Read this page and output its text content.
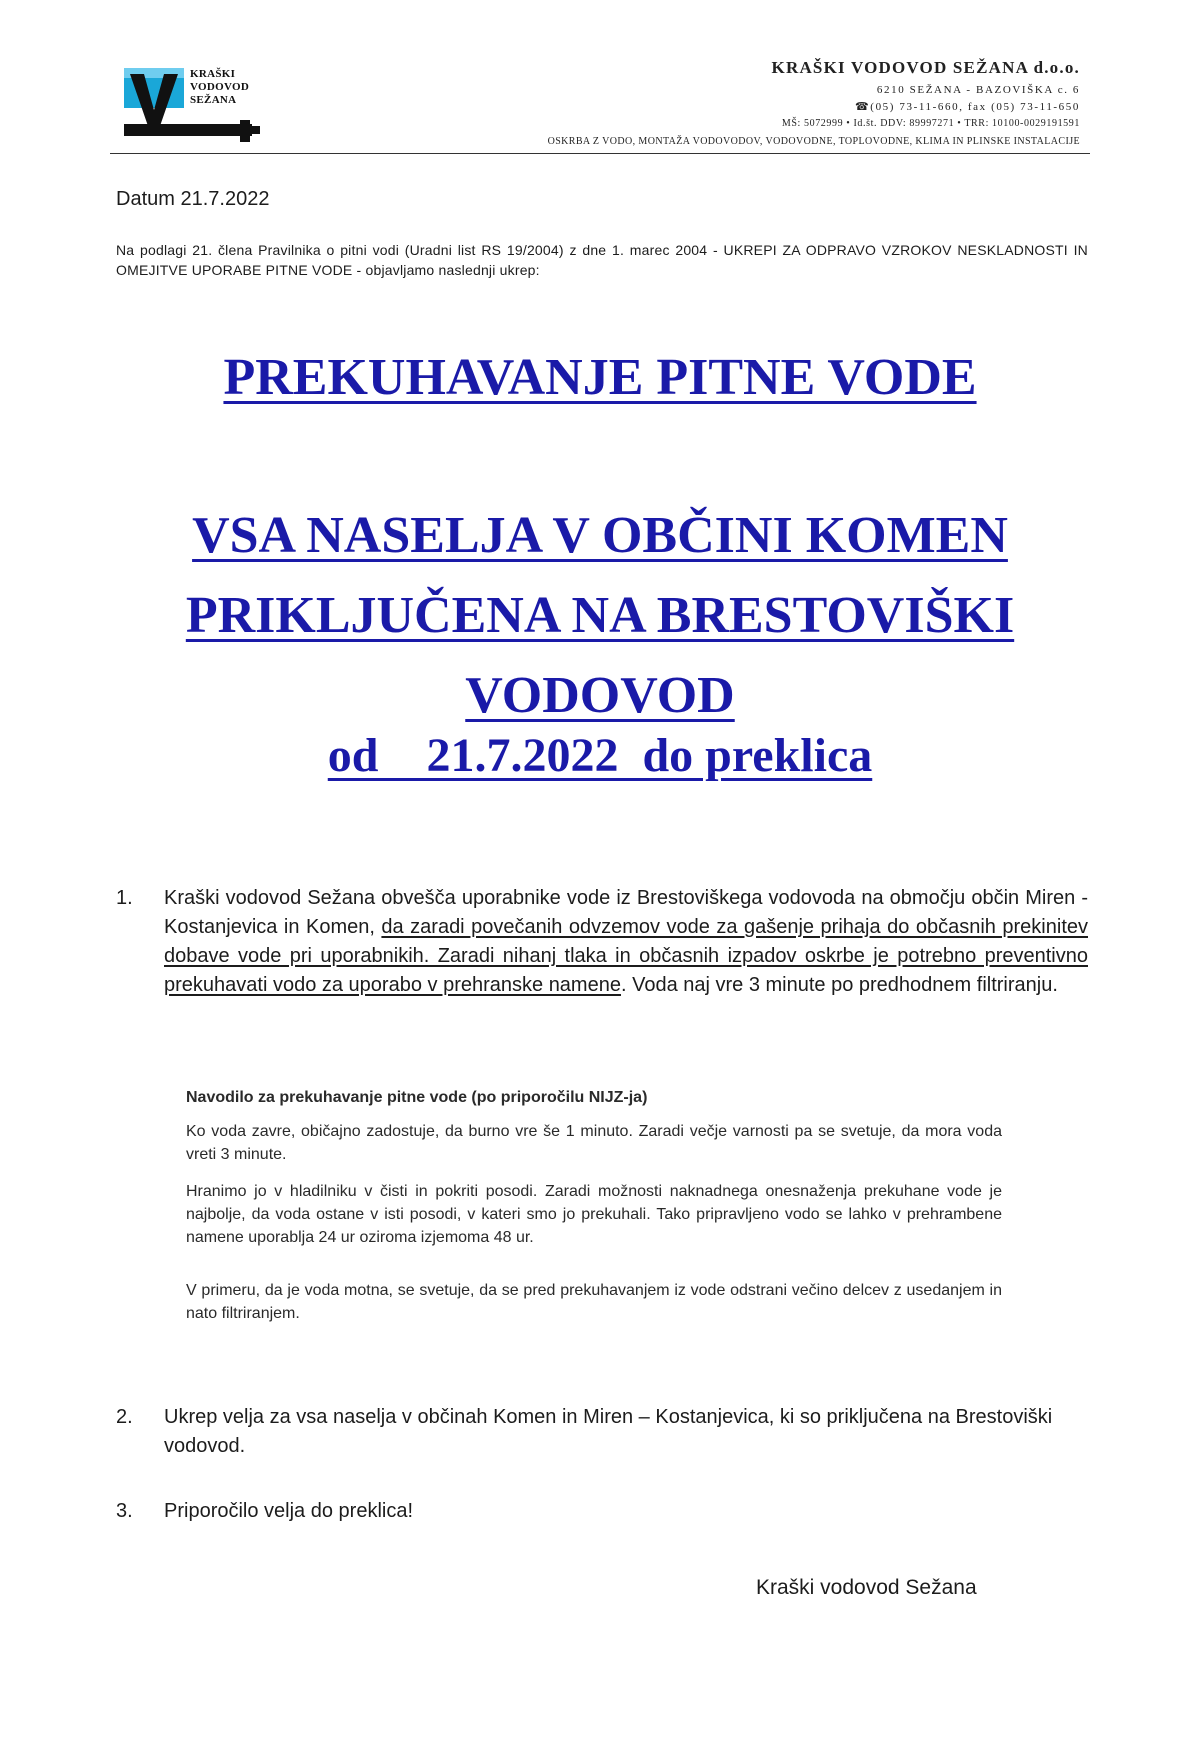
KRAŠKI
VODOVOD
SEŽANA
KRAŠKI VODOVOD SEŽANA d.o.o.
6210 SEŽANA - BAZOVIŠKA c. 6
☎(05) 73-11-660, fax (05) 73-11-650
MŠ: 5072999 • Id.št. DDV: 89997271 • TRR: 10100-0029191591
OSKRBA Z VODO, MONTAŽA VODOVODOV, VODOVODNE, TOPLOVODNE, KLIMA IN PLINSKE INSTALACIJE
Datum 21.7.2022
Na podlagi 21. člena Pravilnika o pitni vodi (Uradni list RS 19/2004) z dne 1. marec 2004 - UKREPI ZA ODPRAVO VZROKOV NESKLADNOSTI IN OMEJITVE UPORABE PITNE VODE - objavljamo naslednji ukrep:
PREKUHAVANJE PITNE VODE
VSA NASELJA V OBČINI KOMEN PRIKLJUČENA NA BRESTOVIŠKI VODOVOD
od    21.7.2022  do preklica
1. Kraški vodovod Sežana obvešča uporabnike vode iz Brestoviškega vodovoda na območju občin Miren - Kostanjevica in Komen, da zaradi povečanih odvzemov vode za gašenje prihaja do občasnih prekinitev dobave vode pri uporabnikih. Zaradi nihanj tlaka in občasnih izpadov oskrbe je potrebno preventivno prekuhavati vodo za uporabo v prehranske namene. Voda naj vre 3 minute po predhodnem filtriranju.
Navodilo za prekuhavanje pitne vode (po priporočilu NIJZ-ja)

Ko voda zavre, običajno zadostuje, da burno vre še 1 minuto. Zaradi večje varnosti pa se svetuje, da mora voda vreti 3 minute.

Hranimo jo v hladilniku v čisti in pokriti posodi. Zaradi možnosti naknadnega onesnaženja prekuhane vode je najbolje, da voda ostane v isti posodi, v kateri smo jo prekuhali. Tako pripravljeno vodo se lahko v prehrambene namene uporablja 24 ur oziroma izjemoma 48 ur.

V primeru, da je voda motna, se svetuje, da se pred prekuhavanjem iz vode odstrani večino delcev z usedanjem in nato filtriranjem.

2. Ukrep velja za vsa naselja v občinah Komen in Miren – Kostanjevica, ki so priključena na Brestoviški vodovod.
3. Priporočilo velja do preklica!
Kraški vodovod Sežana
